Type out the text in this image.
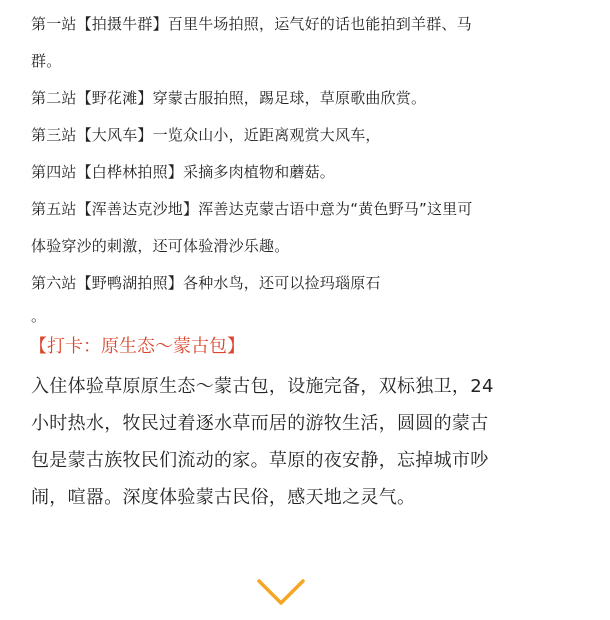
第一站【拍摄牛群】百里牛场拍照，运气好的话也能拍到羊群、马

群。

第二站【野花滩】穿蒙古服拍照，踢足球，草原歌曲欣赏。

第三站【大风车】一览众山小，近距离观赏大风车，

第四站【白桦林拍照】采摘多肉植物和蘑菇。

第五站【浑善达克沙地】浑善达克蒙古语中意为“黄色野马”这里可

体验穿沙的刺激，还可体验滑沙乐趣。

第六站【野鸭湖拍照】各种水鸟，还可以捡玛瑙原石

。

【打卡：原生态～蒙古包】

入住体验草原原生态～蒙古包，设施完备，双标独卫，24

小时热水，牧民过着逐水草而居的游牧生活，圆圆的蒙古

包是蒙古族牧民们流动的家。草原的夜安静，忘掉城市吵

闹，喧嚣。深度体验蒙古民俗，感天地之灵气。
